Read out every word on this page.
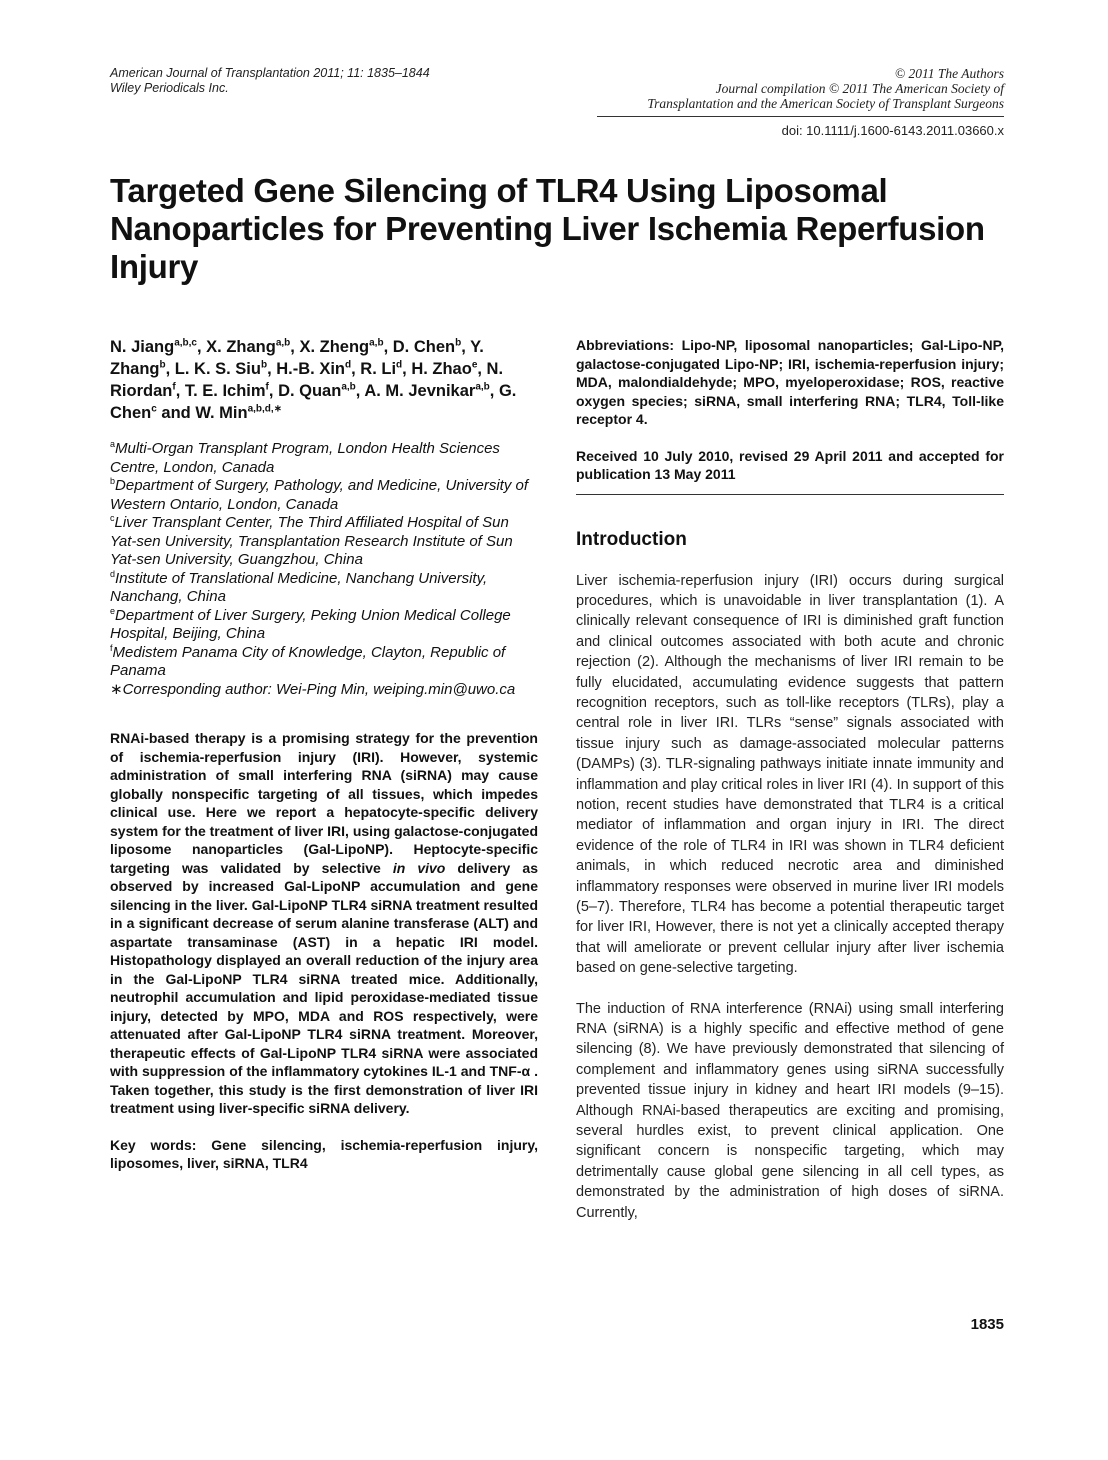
American Journal of Transplantation 2011; 11: 1835–1844
Wiley Periodicals Inc.
© 2011 The Authors
Journal compilation © 2011 The American Society of
Transplantation and the American Society of Transplant Surgeons
doi: 10.1111/j.1600-6143.2011.03660.x
Targeted Gene Silencing of TLR4 Using Liposomal Nanoparticles for Preventing Liver Ischemia Reperfusion Injury

N. Jiang$^{a,b,c}$, X. Zhang$^{a,b}$, X. Zheng$^{a,b}$, D. Chen$^b$, Y. Zhang$^b$, L. K. S. Siu$^b$, H.-B. Xin$^d$, R. Li$^d$, H. Zhao$^e$, N. Riordan$^f$, T. E. Ichim$^f$, D. Quan$^{a,b}$, A. M. Jevnikar$^{a,b}$, G. Chen$^c$ and W. Min$^{a,b,d,∗}$

$^a$Multi-Organ Transplant Program, London Health Sciences Centre, London, Canada

$^b$Department of Surgery, Pathology, and Medicine, University of Western Ontario, London, Canada

$^c$Liver Transplant Center, The Third Affiliated Hospital of Sun Yat-sen University, Transplantation Research Institute of Sun Yat-sen University, Guangzhou, China

$^d$Institute of Translational Medicine, Nanchang University, Nanchang, China

$^e$Department of Liver Surgery, Peking Union Medical College Hospital, Beijing, China

$^f$Medistem Panama City of Knowledge, Clayton, Republic of Panama

∗Corresponding author: Wei-Ping Min, weiping.min@uwo.ca

RNAi-based therapy is a promising strategy for the prevention of ischemia-reperfusion injury (IRI). However, systemic administration of small interfering RNA (siRNA) may cause globally nonspecific targeting of all tissues, which impedes clinical use. Here we report a hepatocyte-specific delivery system for the treatment of liver IRI, using galactose-conjugated liposome nanoparticles (Gal-LipoNP). Heptocyte-specific targeting was validated by selective in vivo delivery as observed by increased Gal-LipoNP accumulation and gene silencing in the liver. Gal-LipoNP TLR4 siRNA treatment resulted in a significant decrease of serum alanine transferase (ALT) and aspartate transaminase (AST) in a hepatic IRI model. Histopathology displayed an overall reduction of the injury area in the Gal-LipoNP TLR4 siRNA treated mice. Additionally, neutrophil accumulation and lipid peroxidase-mediated tissue injury, detected by MPO, MDA and ROS respectively, were attenuated after Gal-LipoNP TLR4 siRNA treatment. Moreover, therapeutic effects of Gal-LipoNP TLR4 siRNA were associated with suppression of the inflammatory cytokines IL-1 and TNF-α . Taken together, this study is the first demonstration of liver IRI treatment using liver-specific siRNA delivery.
Key words: Gene silencing, ischemia-reperfusion injury, liposomes, liver, siRNA, TLR4

Abbreviations: Lipo-NP, liposomal nanoparticles; Gal-Lipo-NP, galactose-conjugated Lipo-NP; IRI, ischemia-reperfusion injury; MDA, malondialdehyde; MPO, myeloperoxidase; ROS, reactive oxygen species; siRNA, small interfering RNA; TLR4, Toll-like receptor 4.

Received 10 July 2010, revised 29 April 2011 and accepted for publication 13 May 2011
Introduction
Liver ischemia-reperfusion injury (IRI) occurs during surgical procedures, which is unavoidable in liver transplantation (1). A clinically relevant consequence of IRI is diminished graft function and clinical outcomes associated with both acute and chronic rejection (2). Although the mechanisms of liver IRI remain to be fully elucidated, accumulating evidence suggests that pattern recognition receptors, such as toll-like receptors (TLRs), play a central role in liver IRI. TLRs “sense” signals associated with tissue injury such as damage-associated molecular patterns (DAMPs) (3). TLR-signaling pathways initiate innate immunity and inflammation and play critical roles in liver IRI (4). In support of this notion, recent studies have demonstrated that TLR4 is a critical mediator of inflammation and organ injury in IRI. The direct evidence of the role of TLR4 in IRI was shown in TLR4 deficient animals, in which reduced necrotic area and diminished inflammatory responses were observed in murine liver IRI models (5–7). Therefore, TLR4 has become a potential therapeutic target for liver IRI, However, there is not yet a clinically accepted therapy that will ameliorate or prevent cellular injury after liver ischemia based on gene-selective targeting.
The induction of RNA interference (RNAi) using small interfering RNA (siRNA) is a highly specific and effective method of gene silencing (8). We have previously demonstrated that silencing of complement and inflammatory genes using siRNA successfully prevented tissue injury in kidney and heart IRI models (9–15). Although RNAi-based therapeutics are exciting and promising, several hurdles exist, to prevent clinical application. One significant concern is nonspecific targeting, which may detrimentally cause global gene silencing in all cell types, as demonstrated by the administration of high doses of siRNA. Currently,
1835
